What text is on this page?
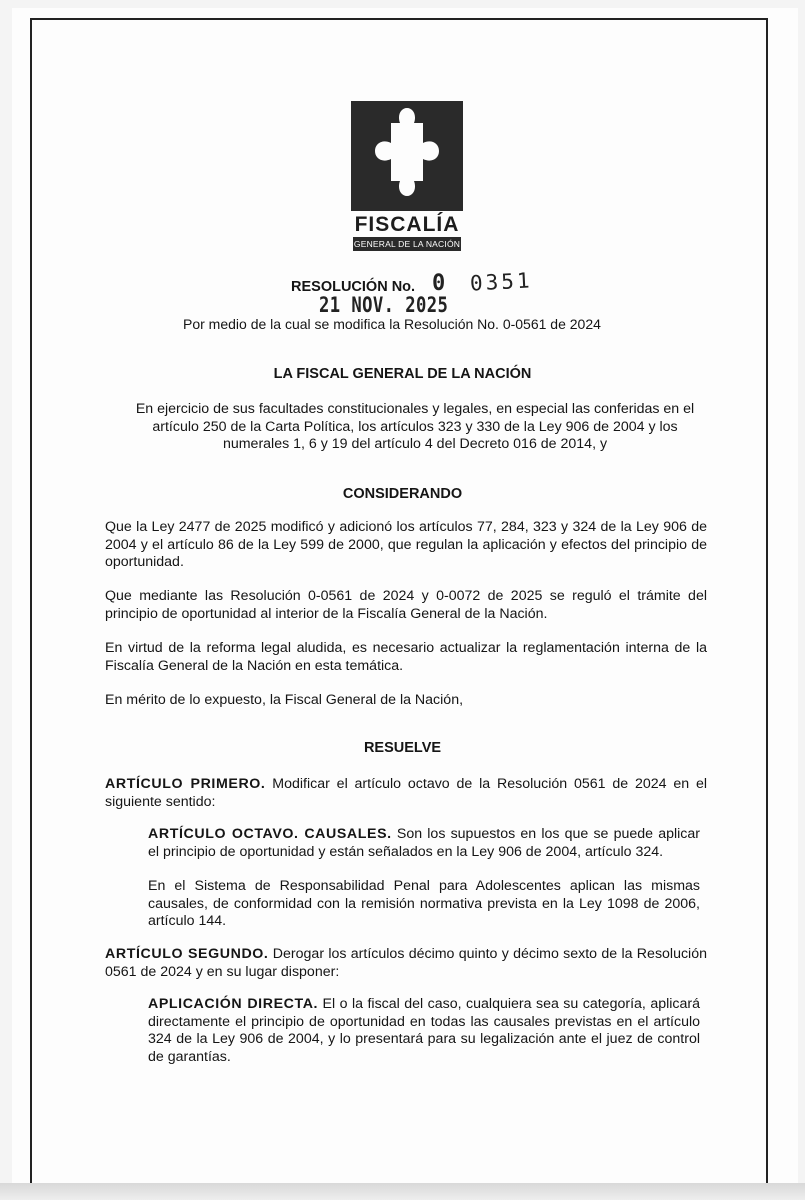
FISCALÍA
GENERAL DE LA NACIÓN
RESOLUCIÓN No. 0 0351
21 NOV. 2025
Por medio de la cual se modifica la Resolución No. 0-0561 de 2024
LA FISCAL GENERAL DE LA NACIÓN
En ejercicio de sus facultades constitucionales y legales, en especial las conferidas en el artículo 250 de la Carta Política, los artículos 323 y 330 de la Ley 906 de 2004 y los numerales 1, 6 y 19 del artículo 4 del Decreto 016 de 2014, y
CONSIDERANDO
Que la Ley 2477 de 2025 modificó y adicionó los artículos 77, 284, 323 y 324 de la Ley 906 de 2004 y el artículo 86 de la Ley 599 de 2000, que regulan la aplicación y efectos del principio de oportunidad.
Que mediante las Resolución 0-0561 de 2024 y 0-0072 de 2025 se reguló el trámite del principio de oportunidad al interior de la Fiscalía General de la Nación.
En virtud de la reforma legal aludida, es necesario actualizar la reglamentación interna de la Fiscalía General de la Nación en esta temática.
En mérito de lo expuesto, la Fiscal General de la Nación,
RESUELVE
ARTÍCULO PRIMERO. Modificar el artículo octavo de la Resolución 0561 de 2024 en el siguiente sentido:
ARTÍCULO OCTAVO. CAUSALES. Son los supuestos en los que se puede aplicar el principio de oportunidad y están señalados en la Ley 906 de 2004, artículo 324.
En el Sistema de Responsabilidad Penal para Adolescentes aplican las mismas causales, de conformidad con la remisión normativa prevista en la Ley 1098 de 2006, artículo 144.
ARTÍCULO SEGUNDO. Derogar los artículos décimo quinto y décimo sexto de la Resolución 0561 de 2024 y en su lugar disponer:
APLICACIÓN DIRECTA. El o la fiscal del caso, cualquiera sea su categoría, aplicará directamente el principio de oportunidad en todas las causales previstas en el artículo 324 de la Ley 906 de 2004, y lo presentará para su legalización ante el juez de control de garantías.
